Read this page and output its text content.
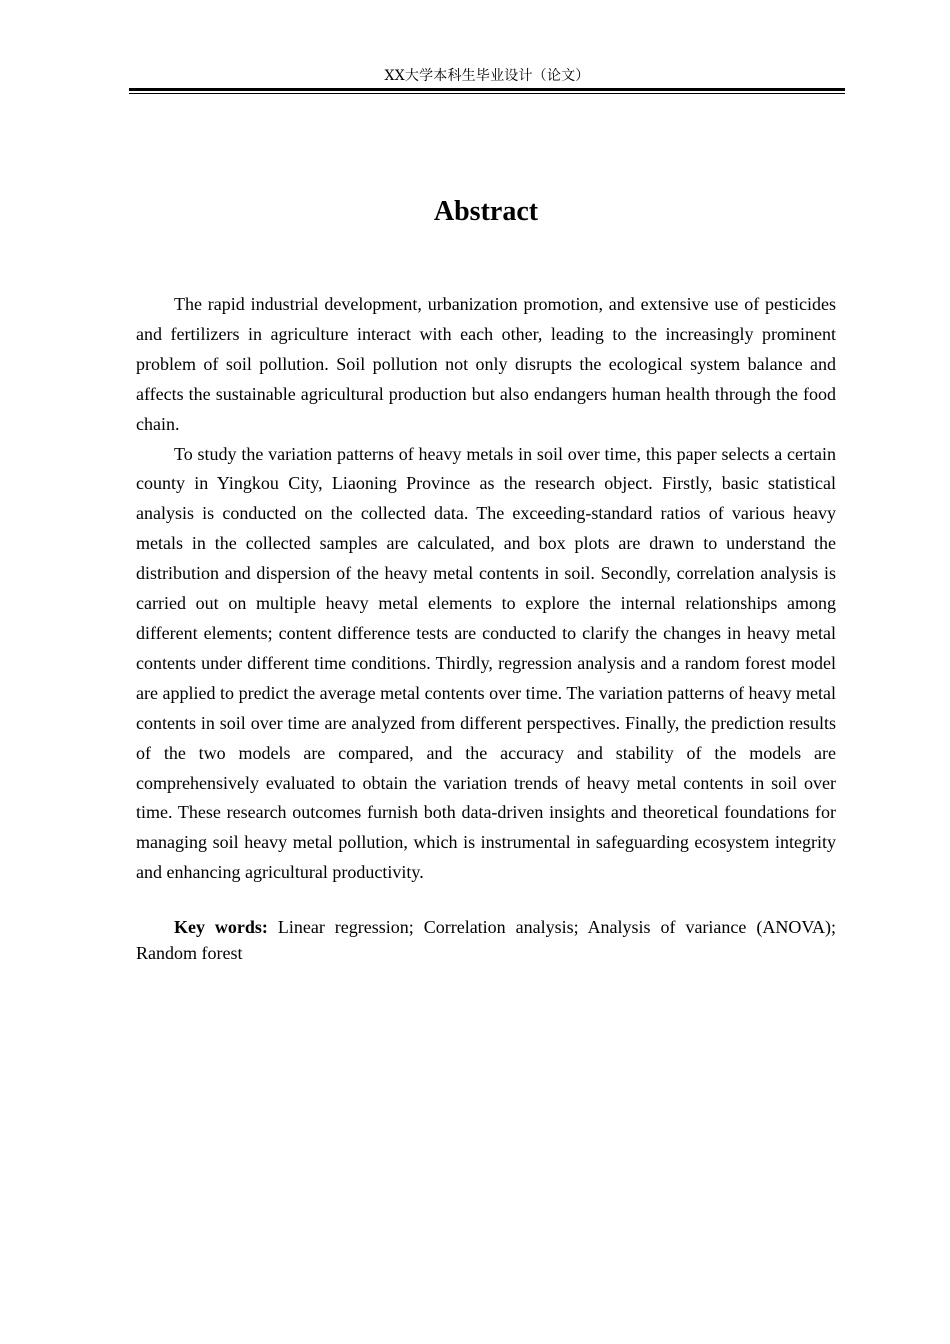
XX大学本科生毕业设计（论文）
Abstract

The rapid industrial development, urbanization promotion, and extensive use of pesticides and fertilizers in agriculture interact with each other, leading to the increasingly prominent problem of soil pollution. Soil pollution not only disrupts the ecological system balance and affects the sustainable agricultural production but also endangers human health through the food chain.

To study the variation patterns of heavy metals in soil over time, this paper selects a certain county in Yingkou City, Liaoning Province as the research object. Firstly, basic statistical analysis is conducted on the collected data. The exceeding-standard ratios of various heavy metals in the collected samples are calculated, and box plots are drawn to understand the distribution and dispersion of the heavy metal contents in soil. Secondly, correlation analysis is carried out on multiple heavy metal elements to explore the internal relationships among different elements; content difference tests are conducted to clarify the changes in heavy metal contents under different time conditions. Thirdly, regression analysis and a random forest model are applied to predict the average metal contents over time. The variation patterns of heavy metal contents in soil over time are analyzed from different perspectives. Finally, the prediction results of the two models are compared, and the accuracy and stability of the models are comprehensively evaluated to obtain the variation trends of heavy metal contents in soil over time. These research outcomes furnish both data-driven insights and theoretical foundations for managing soil heavy metal pollution, which is instrumental in safeguarding ecosystem integrity and enhancing agricultural productivity.

Key words: Linear regression; Correlation analysis; Analysis of variance (ANOVA); Random forest
